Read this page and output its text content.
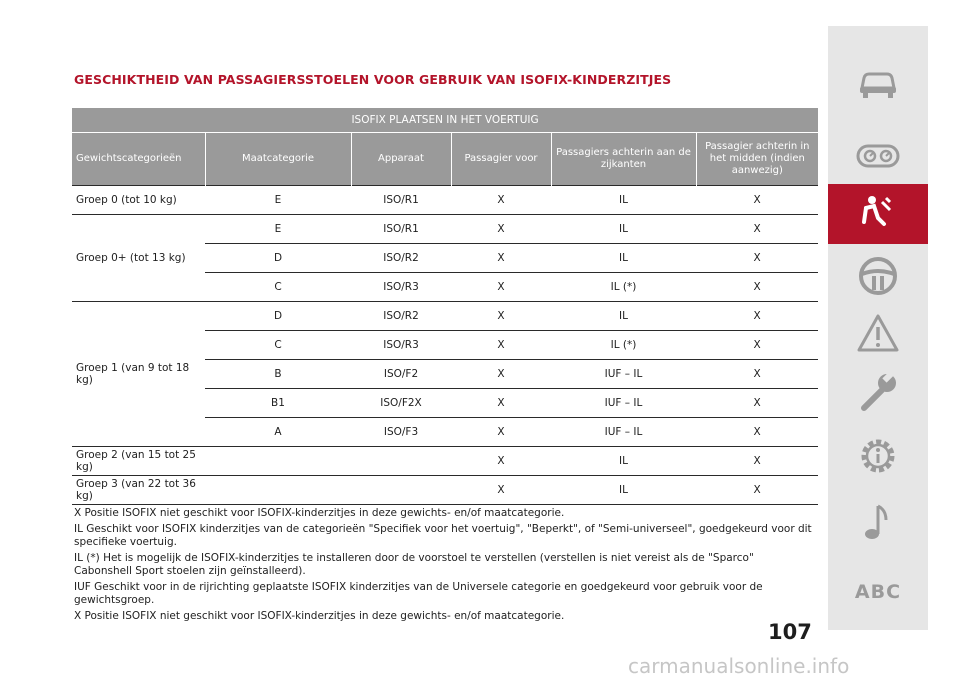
GESCHIKTHEID VAN PASSAGIERSSTOELEN VOOR GEBRUIK VAN ISOFIX-KINDERZITJES
ISOFIX PLAATSEN IN HET VOERTUIG					
Gewichtscategorieën	Maatcategorie	Apparaat	Passagier voor	Passagiers achterin aan de zijkanten	Passagier achterin in het midden (indien aanwezig)
Groep 0 (tot 10 kg)	E	ISO/R1	X	IL	X
Groep 0+ (tot 13 kg)	E	ISO/R1	X	IL	X
	D	ISO/R2	X	IL	X
	C	ISO/R3	X	IL (*)	X
Groep 1 (van 9 tot 18 kg)	D	ISO/R2	X	IL	X
	C	ISO/R3	X	IL (*)	X
	B	ISO/F2	X	IUF – IL	X
	B1	ISO/F2X	X	IUF – IL	X
	A	ISO/F3	X	IUF – IL	X
Groep 2 (van 15 tot 25 kg)			X	IL	X
Groep 3 (van 22 tot 36 kg)			X	IL	X

X Positie ISOFIX niet geschikt voor ISOFIX-kinderzitjes in deze gewichts- en/of maatcategorie.

IL Geschikt voor ISOFIX kinderzitjes van de categorieën "Specifiek voor het voertuig", "Beperkt", of "Semi-universeel", goedgekeurd voor dit specifieke voertuig.

IL (*) Het is mogelijk de ISOFIX-kinderzitjes te installeren door de voorstoel te verstellen (verstellen is niet vereist als de "Sparco" Cabonshell Sport stoelen zijn geïnstalleerd).

IUF Geschikt voor in de rijrichting geplaatste ISOFIX kinderzitjes van de Universele categorie en goedgekeurd voor gebruik voor de gewichtsgroep.

X Positie ISOFIX niet geschikt voor ISOFIX-kinderzitjes in deze gewichts- en/of maatcategorie.

107
ABC
carmanualsonline.info
